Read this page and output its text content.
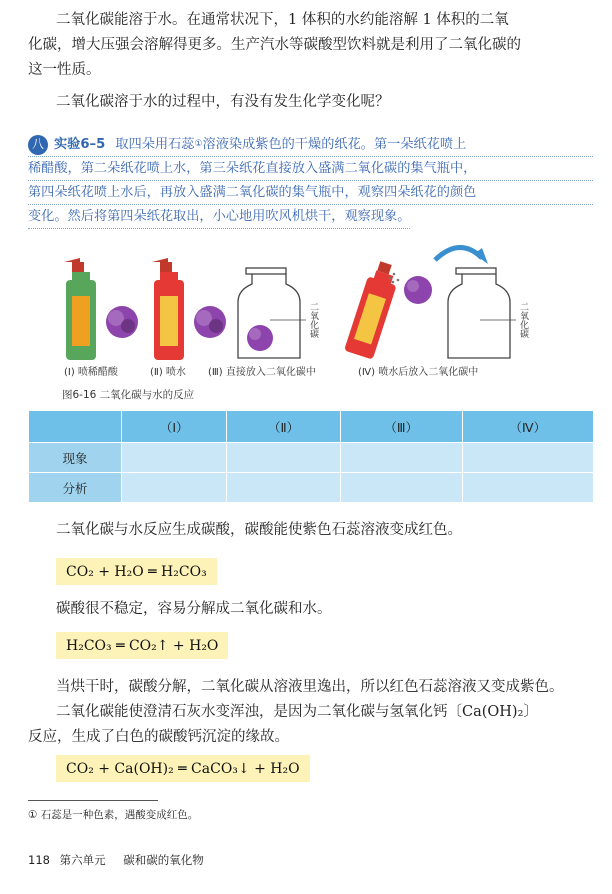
二氧化碳能溶于水。在通常状况下，1 体积的水约能溶解 1 体积的二氧
化碳，增大压强会溶解得更多。生产汽水等碳酸型饮料就是利用了二氧化碳的
这一性质。
二氧化碳溶于水的过程中，有没有发生化学变化呢？
八 实验6–5 取四朵用石蕊 ① 溶液染成紫色的干燥的纸花。第一朵纸花喷上
稀醋酸，第二朵纸花喷上水，第三朵纸花直接放入盛满二氧化碳的集气瓶中，
第四朵纸花喷上水后，再放入盛满二氧化碳的集气瓶中，观察四朵纸花的颜色
变化。然后将第四朵纸花取出，小心地用吹风机烘干，观察现象。
二氧化碳	二氧化碳
(Ⅰ) 喷稀醋酸	(Ⅱ) 喷水 (Ⅲ) 直接放入二氧化碳中	(Ⅳ) 喷水后放入二氧化碳中
图6-16 二氧化碳与水的反应
	（Ⅰ）	（Ⅱ）	（Ⅲ）	（Ⅳ）
现象				
分析				
二氧化碳与水反应生成碳酸，碳酸能使紫色石蕊溶液变成红色。
CO₂ + H₂O ═ H₂CO₃
碳酸很不稳定，容易分解成二氧化碳和水。
H₂CO₃ ═ CO₂↑ + H₂O
当烘干时，碳酸分解，二氧化碳从溶液里逸出，所以红色石蕊溶液又变成紫色。
二氧化碳能使澄清石灰水变浑浊，是因为二氧化碳与氢氧化钙〔Ca(OH)₂〕
反应，生成了白色的碳酸钙沉淀的缘故。
CO₂ + Ca(OH)₂ ═ CaCO₃↓ + H₂O
① 石蕊是一种色素，遇酸变成红色。
118 第六单元 碳和碳的氧化物
